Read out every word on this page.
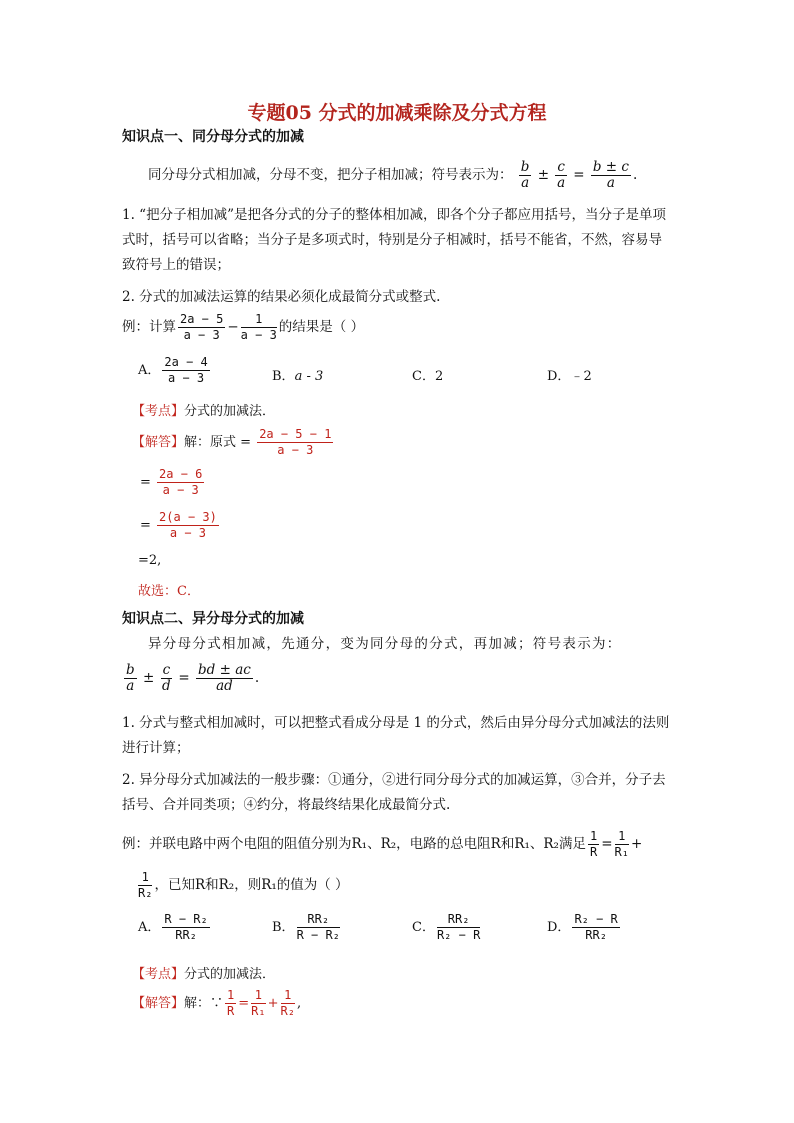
专题05 分式的加减乘除及分式方程
知识点一、同分母分式的加减
同分母分式相加减，分母不变，把分子相加减；符号表示为： $\frac{b}{a} \pm \frac{c}{a} = \frac{b \pm c}{a}$ .
1. “把分子相加减”是把各分式的分子的整体相加减，即各个分子都应用括号，当分子是单项式时，括号可以省略；当分子是多项式时，特别是分子相减时，括号不能省，不然，容易导致符号上的错误；
2. 分式的加减法运算的结果必须化成最简分式或整式.
例：计算 $\frac{2a - 5}{a - 3} - \frac{1}{a - 3}$ 的结果是（ ）
A． $\frac{2a - 4}{a - 3}$	B．a - 3	C．2	D．﹣2
【考点】分式的加减法．
【解答】解：原式 = $\frac{2a - 5 - 1}{a - 3}$
= $\frac{2a - 6}{a - 3}$
= $\frac{2(a - 3)}{a - 3}$
=2,
故选：C．
知识点二、异分母分式的加减
异分母分式相加减，先通分，变为同分母的分式，再加减；符号表示为：
$\frac{b}{a} \pm \frac{c}{d} = \frac{bd \pm ac}{ad}$ .
1. 分式与整式相加减时，可以把整式看成分母是 1 的分式，然后由异分母分式加减法的法则进行计算；
2. 异分母分式加减法的一般步骤：①通分，②进行同分母分式的加减运算，③合并，分子去括号、合并同类项；④约分，将最终结果化成最简分式.
例：并联电路中两个电阻的阻值分别为R₁、R₂，电路的总电阻R和R₁、R₂满足 $\frac{1}{R} = \frac{1}{\text{R₁}}$ +
$\frac{1}{\text{R₂}}$ ，已知R和R₂，则R₁的值为（ ）
A． $\frac{\text{R − R₂}}{\text{RR₂}}$	B． $\frac{\text{RR₂}}{\text{R − R₂}}$	C． $\frac{\text{RR₂}}{\text{R₂ − R}}$	D． $\frac{\text{R₂ − R}}{\text{RR₂}}$
【考点】分式的加减法．
【解答】解：∵ $\frac{1}{R} = \frac{1}{\text{R₁}} + \frac{1}{\text{R₂}}$ ,
